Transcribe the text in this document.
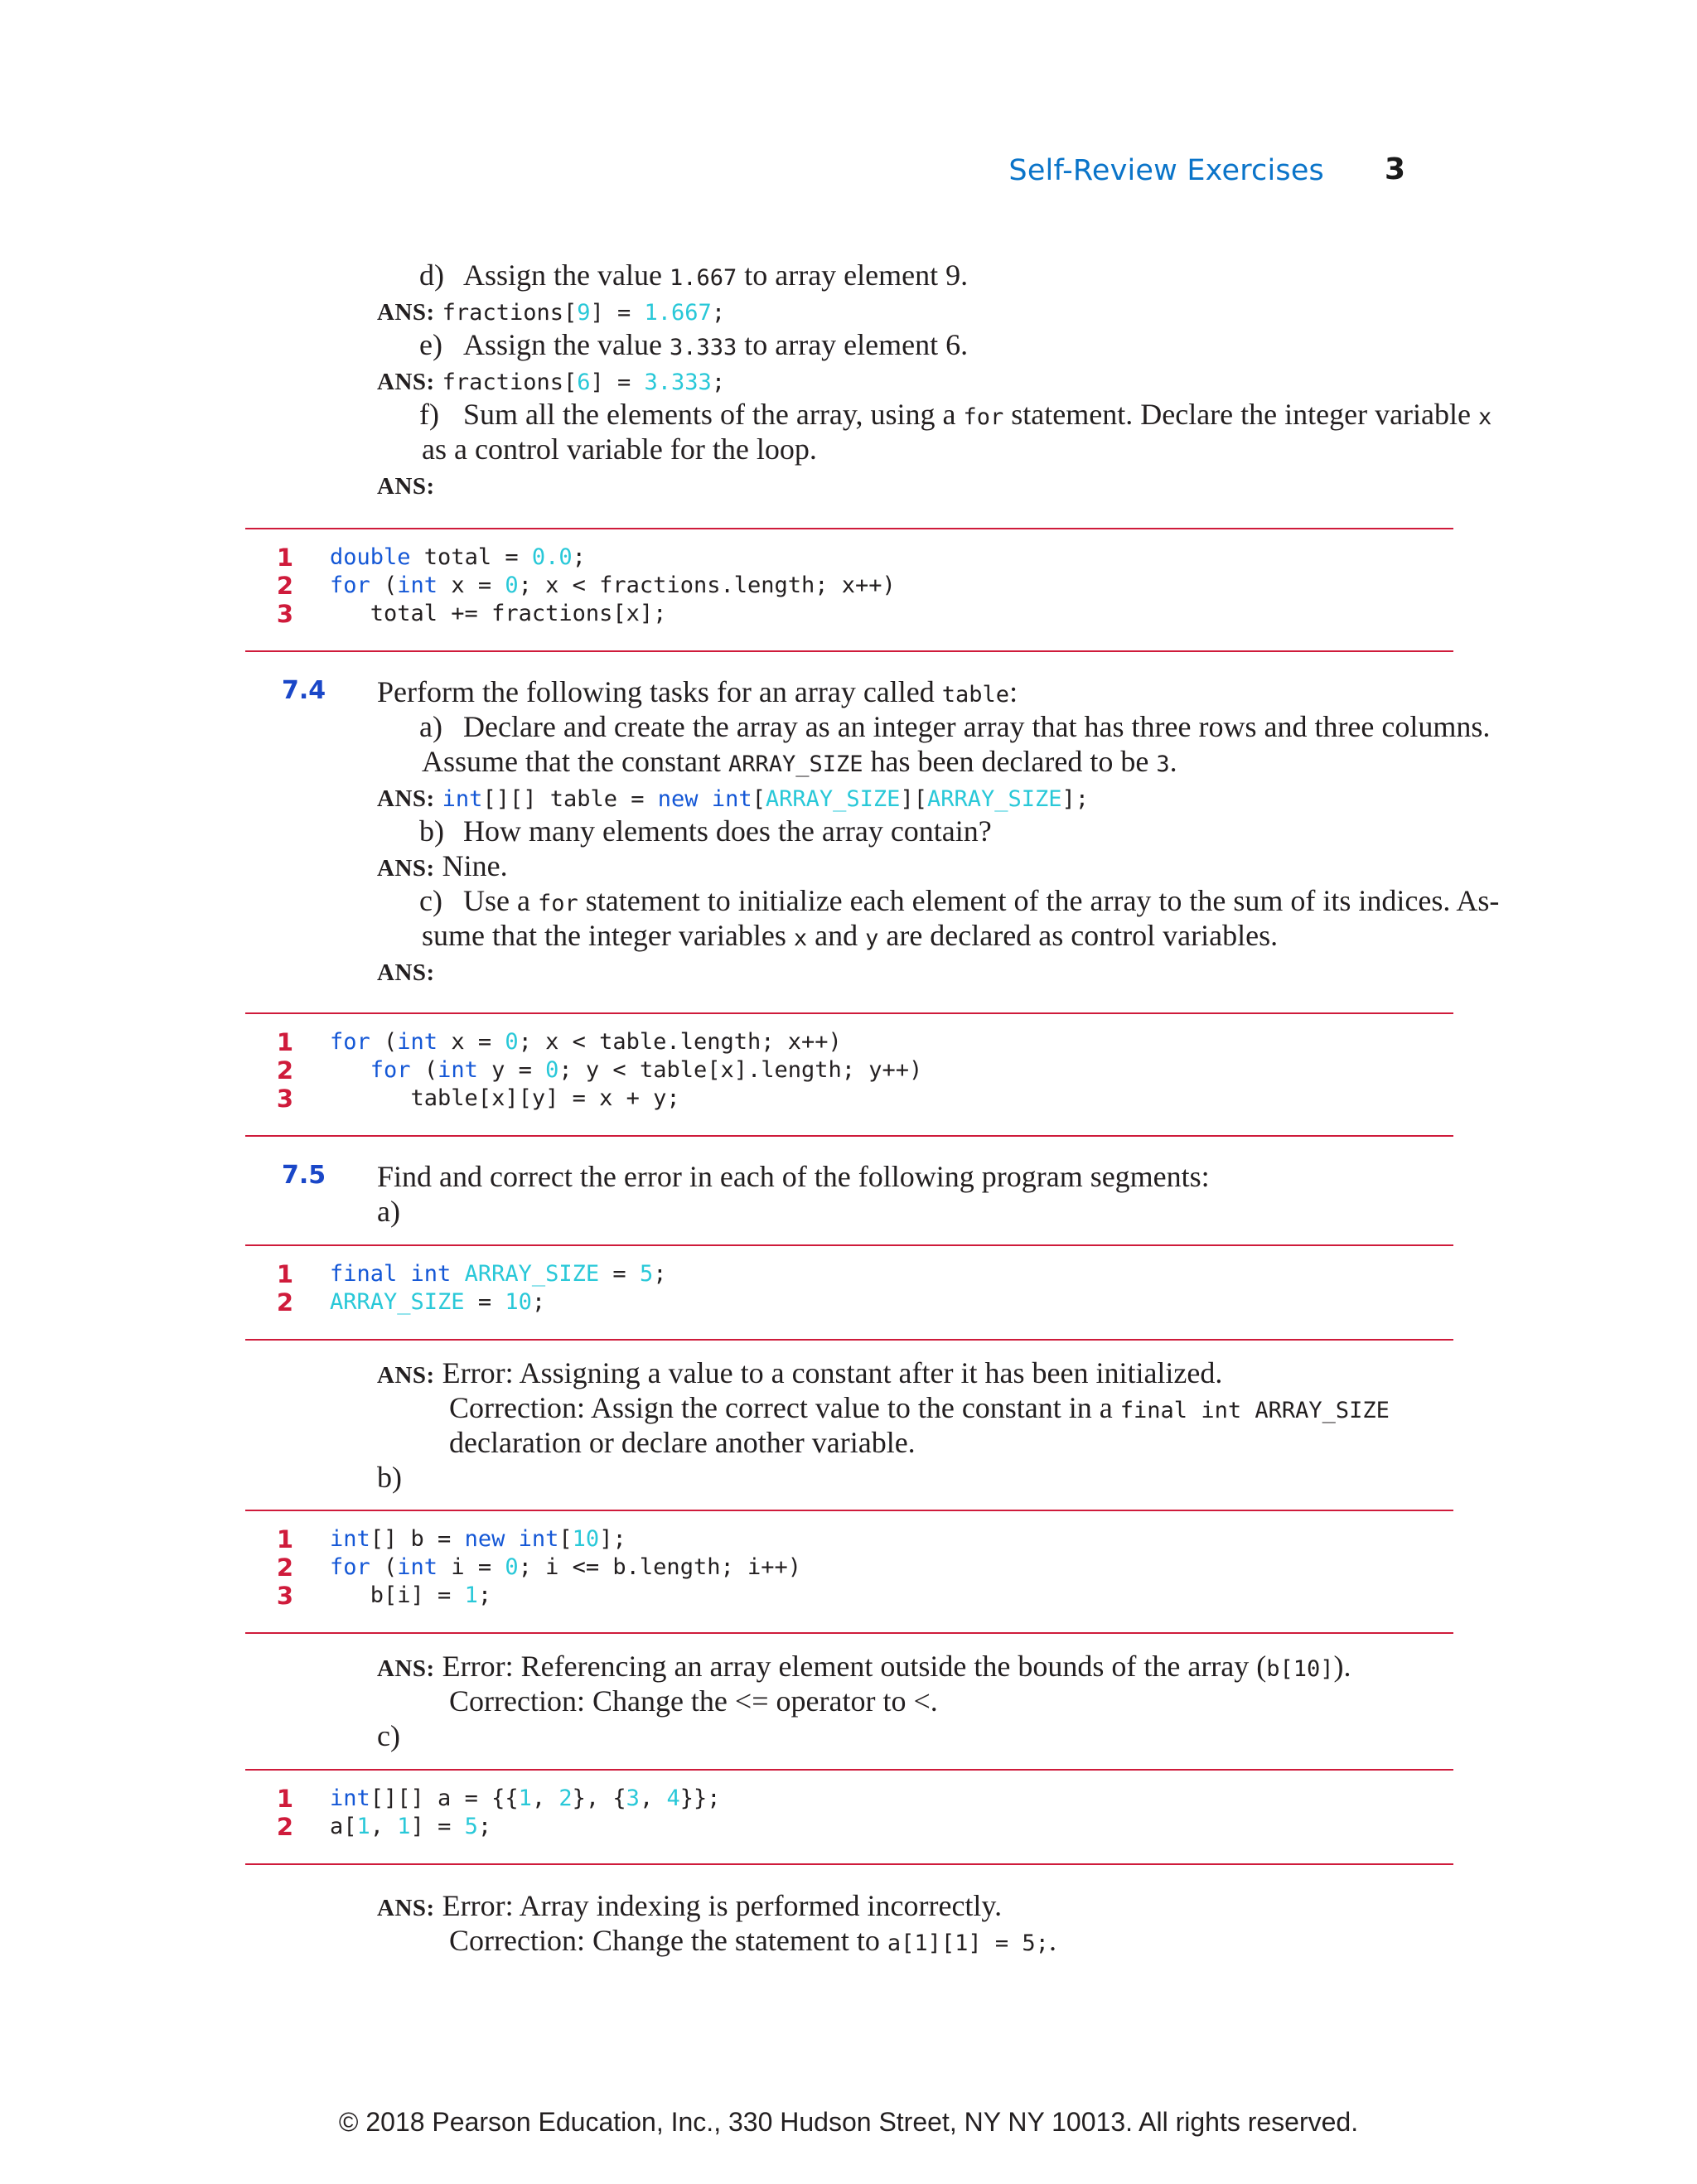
Self-Review Exercises 3
d) Assign the value 1.667 to array element 9.
ANS: fractions[9] = 1.667;
e) Assign the value 3.333 to array element 6.
ANS: fractions[6] = 3.333;
f) Sum all the elements of the array, using a for statement. Declare the integer variable x
as a control variable for the loop.
ANS:
1 double total = 0.0;
2 for (int x = 0; x < fractions.length; x++)
3 total += fractions[x];
7.4 Perform the following tasks for an array called table:
a) Declare and create the array as an integer array that has three rows and three columns.
Assume that the constant ARRAY_SIZE has been declared to be 3.
ANS: int[][] table = new int[ARRAY_SIZE][ARRAY_SIZE];
b) How many elements does the array contain?
ANS: Nine.
c) Use a for statement to initialize each element of the array to the sum of its indices. As-
sume that the integer variables x and y are declared as control variables.
ANS:
1 for (int x = 0; x < table.length; x++)
2	for (int y = 0; y < table[x].length; y++)
3 table[x][y] = x + y;
7.5 Find and correct the error in each of the following program segments:
a)
1 final int ARRAY_SIZE = 5;
2 ARRAY_SIZE = 10;
ANS: Error: Assigning a value to a constant after it has been initialized.
Correction: Assign the correct value to the constant in a final int ARRAY_SIZE
declaration or declare another variable.
b)
1 int[] b = new int[10];
2 for (int i = 0; i <= b.length; i++)
3 b[i] = 1;
ANS: Error: Referencing an array element outside the bounds of the array (b[10]).
Correction: Change the <= operator to <.
c)
1 int[][] a = {{1, 2}, {3, 4}};
2 a[1, 1] = 5;
ANS: Error: Array indexing is performed incorrectly.
Correction: Change the statement to a[1][1] = 5;.
© 2018 Pearson Education, Inc., 330 Hudson Street, NY NY 10013. All rights reserved.
